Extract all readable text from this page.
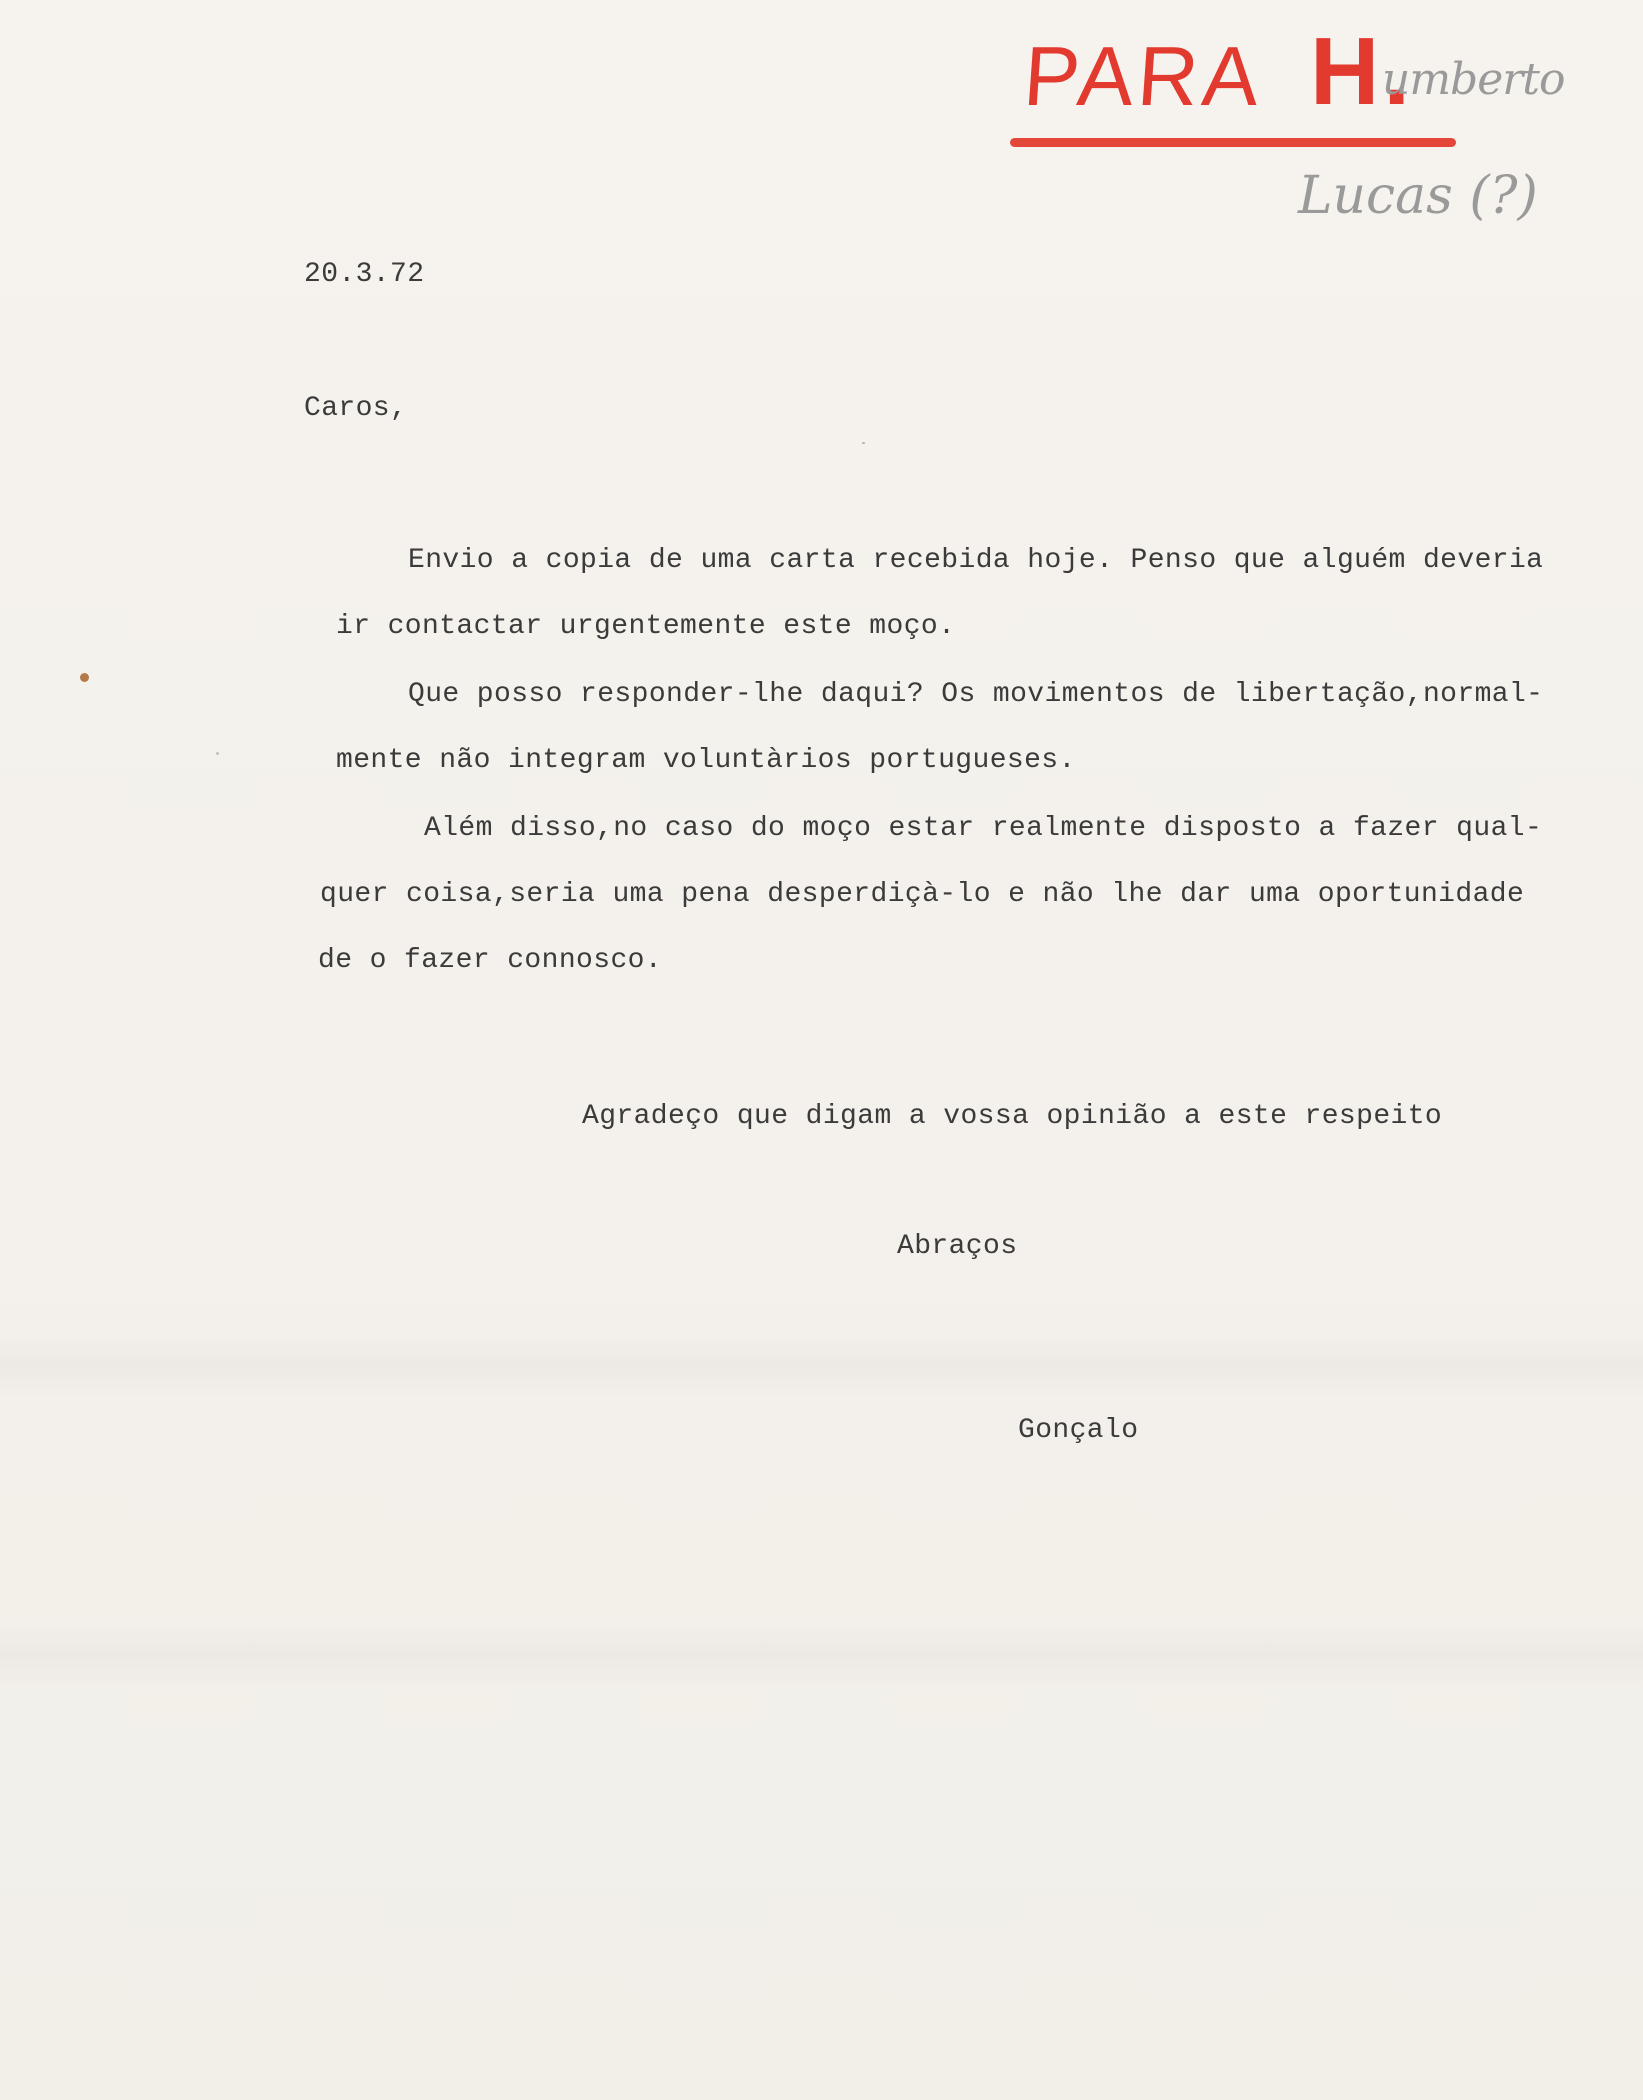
PARA H.
umberto
Lucas (?)
20.3.72
Caros,
Envio a copia de uma carta recebida hoje. Penso que alguém deveria
ir contactar urgentemente este moço.
Que posso responder-lhe daqui? Os movimentos de libertação,normal-
mente não integram voluntàrios portugueses.
Além disso,no caso do moço estar realmente disposto a fazer qual-
quer coisa,seria uma pena desperdiçà-lo e não lhe dar uma oportunidade
de o fazer connosco.
Agradeço que digam a vossa opinião a este respeito
Abraços
Gonçalo
